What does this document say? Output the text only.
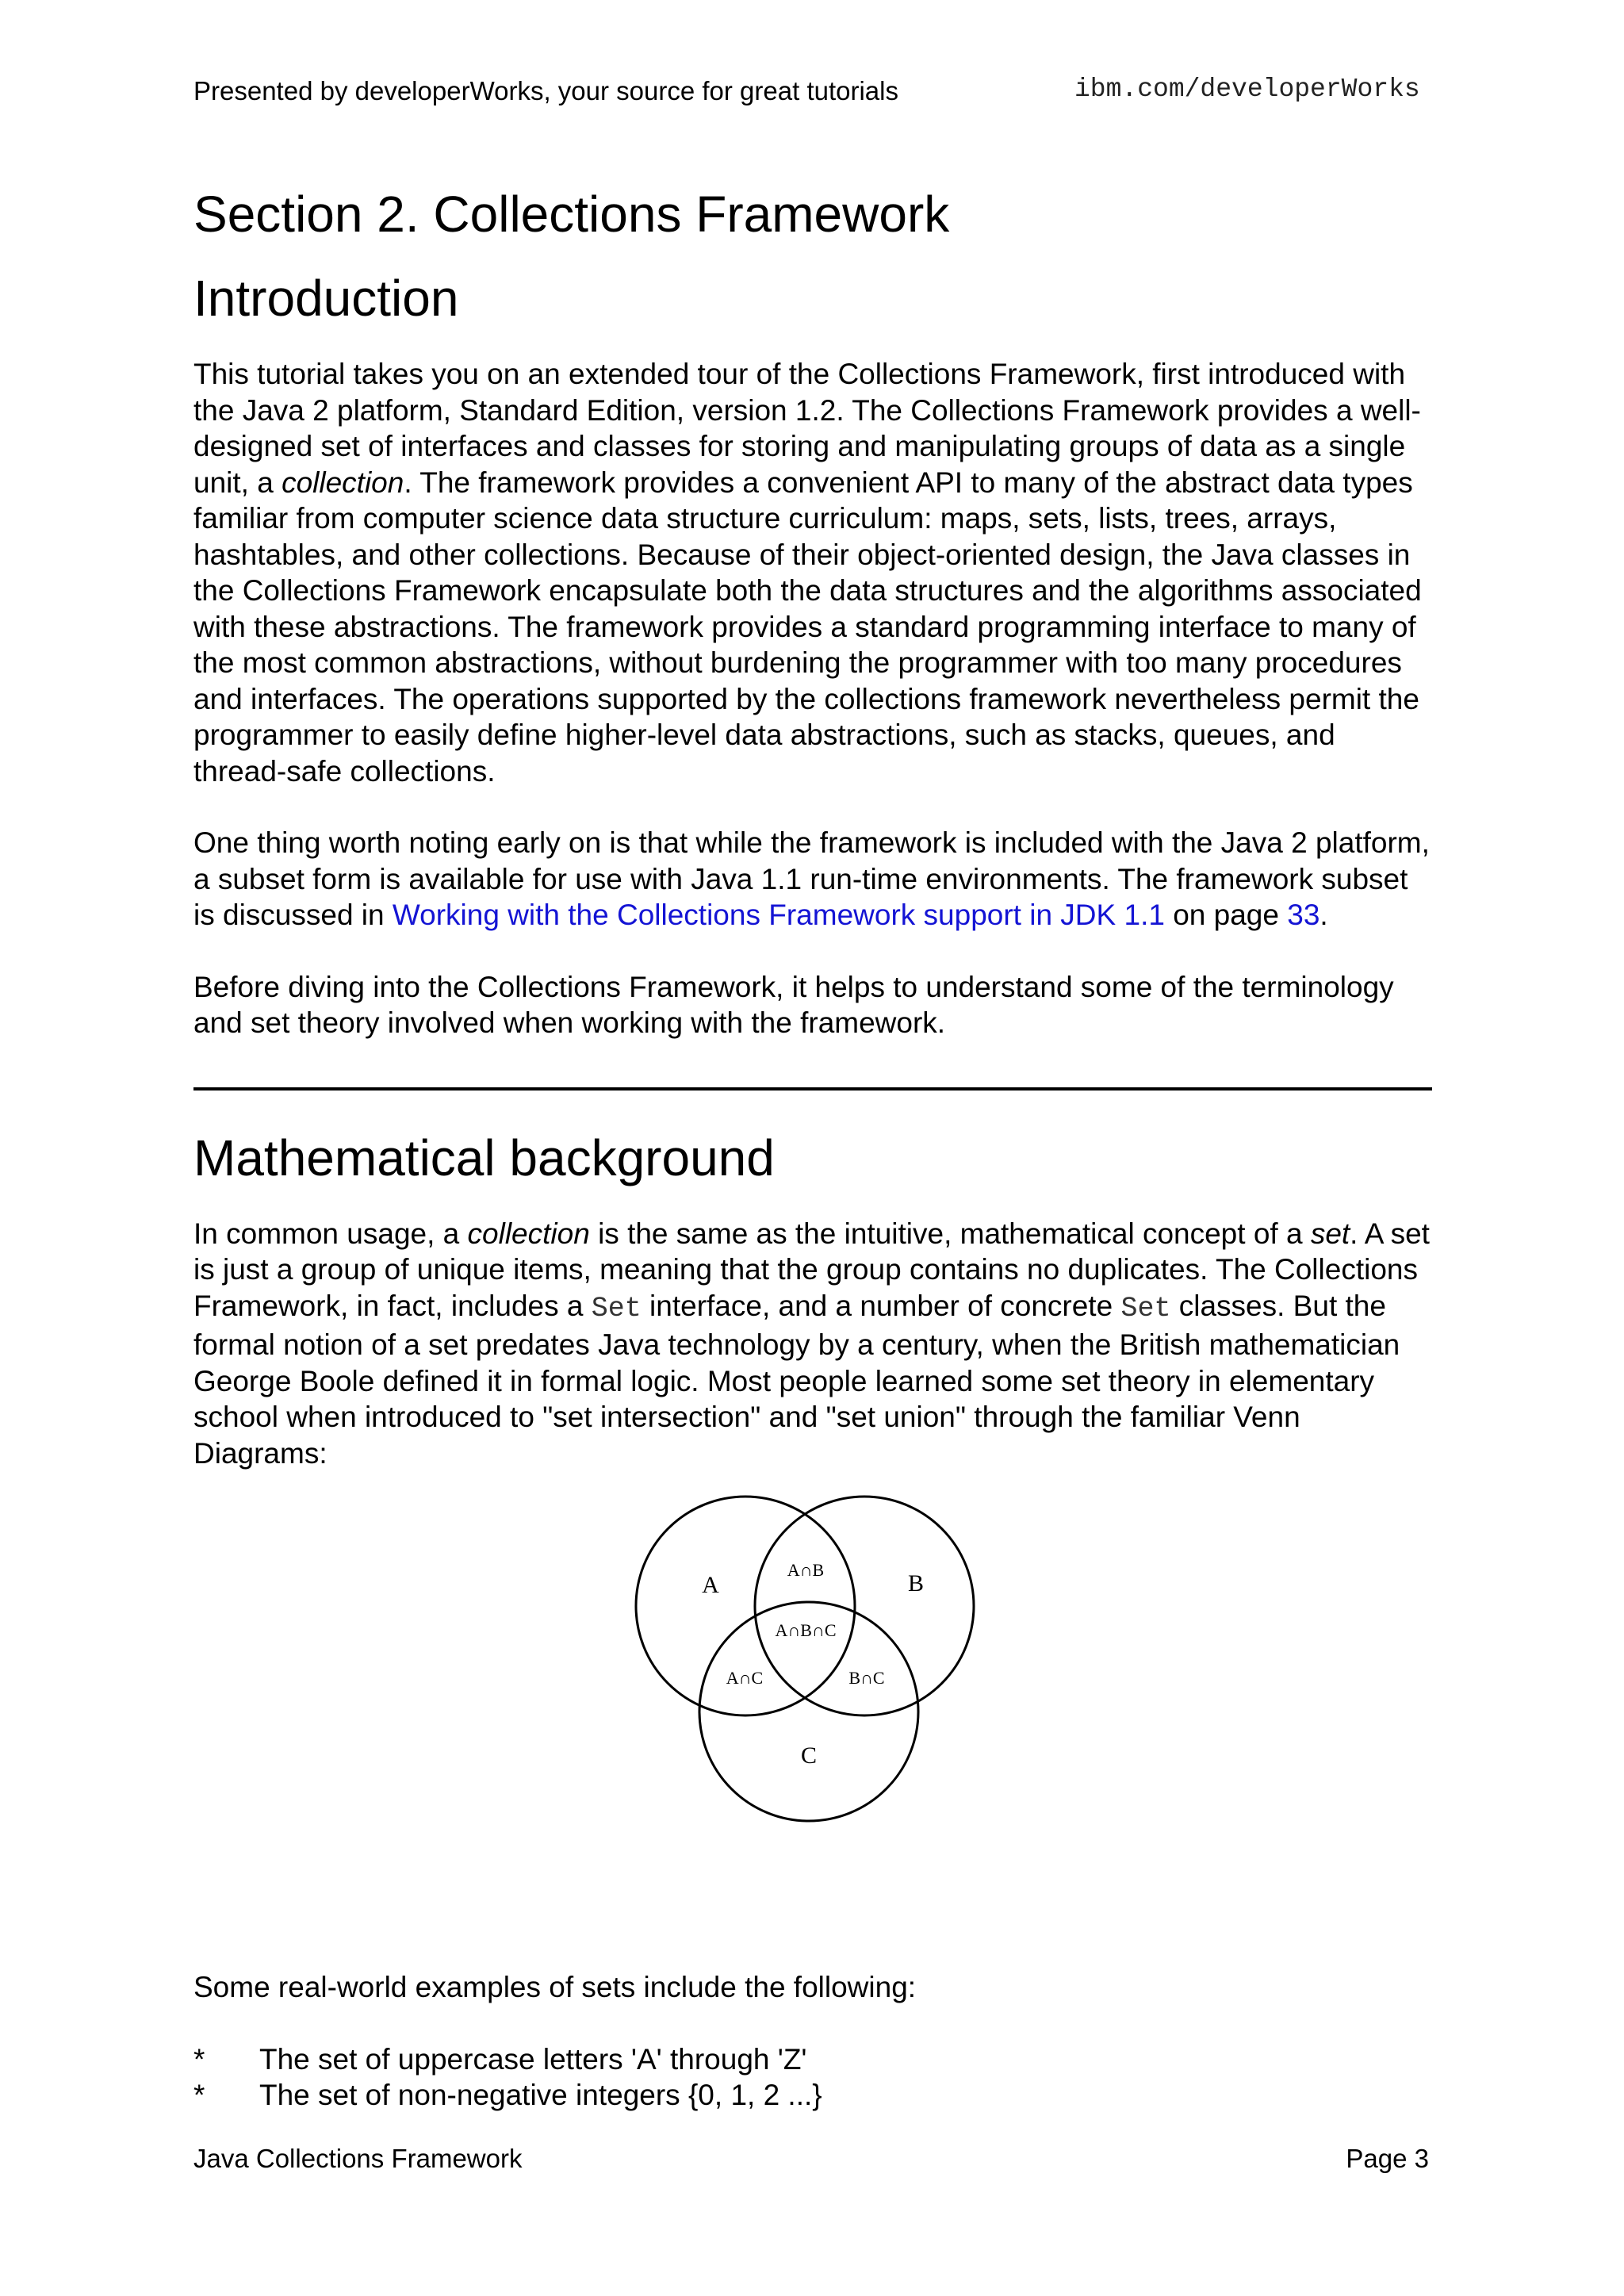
Presented by developerWorks, your source for great tutorials	ibm.com/developerWorks
Section 2. Collections Framework
Introduction

This tutorial takes you on an extended tour of the Collections Framework, first introduced with the Java 2 platform, Standard Edition, version 1.2. The Collections Framework provides a well-designed set of interfaces and classes for storing and manipulating groups of data as a single unit, a collection. The framework provides a convenient API to many of the abstract data types familiar from computer science data structure curriculum: maps, sets, lists, trees, arrays, hashtables, and other collections. Because of their object-oriented design, the Java classes in the Collections Framework encapsulate both the data structures and the algorithms associated with these abstractions. The framework provides a standard programming interface to many of the most common abstractions, without burdening the programmer with too many procedures and interfaces. The operations supported by the collections framework nevertheless permit the programmer to easily define higher-level data abstractions, such as stacks, queues, and thread-safe collections.

One thing worth noting early on is that while the framework is included with the Java 2 platform, a subset form is available for use with Java 1.1 run-time environments. The framework subset is discussed in Working with the Collections Framework support in JDK 1.1 on page 33.

Before diving into the Collections Framework, it helps to understand some of the terminology and set theory involved when working with the framework.

Mathematical background

In common usage, a collection is the same as the intuitive, mathematical concept of a set. A set is just a group of unique items, meaning that the group contains no duplicates. The Collections Framework, in fact, includes a Set interface, and a number of concrete Set classes. But the formal notion of a set predates Java technology by a century, when the British mathematician George Boole defined it in formal logic. Most people learned some set theory in elementary school when introduced to "set intersection" and "set union" through the familiar Venn Diagrams:

A	B
C
A∩B
A∩B∩C
A∩C	B∩C

Some real-world examples of sets include the following:

* The set of uppercase letters 'A' through 'Z'
* The set of non-negative integers {0, 1, 2 ...}
Java Collections Framework	Page 3
